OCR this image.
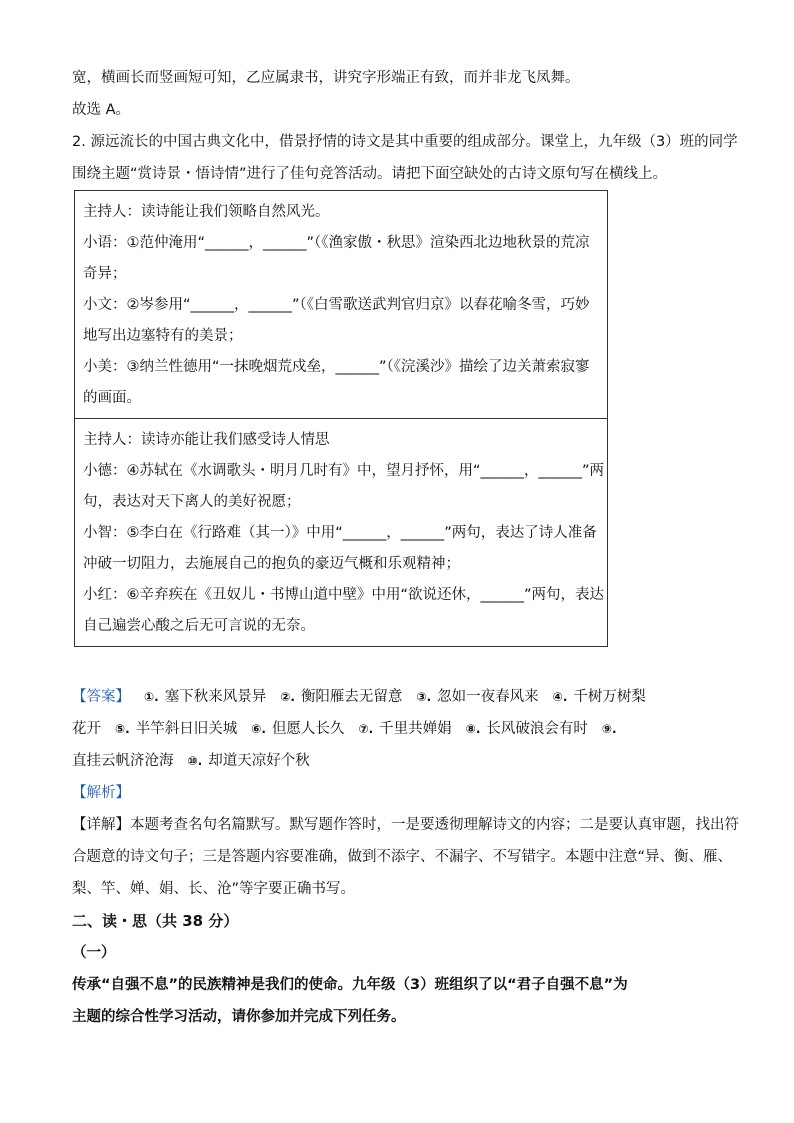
宽，横画长而竖画短可知，乙应属隶书，讲究字形端正有致，而并非龙飞凤舞。
故选 A。
2. 源远流长的中国古典文化中，借景抒情的诗文是其中重要的组成部分。课堂上，九年级（3）班的同学
围绕主题“赏诗景・悟诗情”进行了佳句竞答活动。请把下面空缺处的古诗文原句写在横线上。
主持人：读诗能让我们领略自然风光。
小语：①范仲淹用“______，______”（《渔家傲・秋思》渲染西北边地秋景的荒凉
奇异；
小文：②岑参用“______，______”（《白雪歌送武判官归京》以春花喻冬雪，巧妙
地写出边塞特有的美景；
小美：③纳兰性德用“一抹晚烟荒戍垒，______”（《浣溪沙》描绘了边关萧索寂寥
的画面。
主持人：读诗亦能让我们感受诗人情思
小德：④苏轼在《水调歌头・明月几时有》中，望月抒怀，用“______，______”两
句，表达对天下离人的美好祝愿；
小智：⑤李白在《行路难（其一）》中用“______，______”两句，表达了诗人准备
冲破一切阻力，去施展自己的抱负的豪迈气概和乐观精神；
小红：⑥辛弃疾在《丑奴儿・书博山道中壁》中用“欲说还休，______”两句，表达
自己遍尝心酸之后无可言说的无奈。
【答案】 ①. 塞下秋来风景异 ②. 衡阳雁去无留意 ③. 忽如一夜春风来 ④. 千树万树梨
花开 ⑤. 半竿斜日旧关城 ⑥. 但愿人长久 ⑦. 千里共婵娟 ⑧. 长风破浪会有时 ⑨.
直挂云帆济沧海 ⑩. 却道天凉好个秋
【解析】
【详解】本题考查名句名篇默写。默写题作答时，一是要透彻理解诗文的内容；二是要认真审题，找出符
合题意的诗文句子；三是答题内容要准确，做到不添字、不漏字、不写错字。本题中注意“异、衡、雁、
梨、竿、婵、娟、长、沧”等字要正确书写。
二、读・思（共 38 分）
（一）
传承“自强不息”的民族精神是我们的使命。九年级（3）班组织了以“君子自强不息”为
主题的综合性学习活动，请你参加并完成下列任务。
